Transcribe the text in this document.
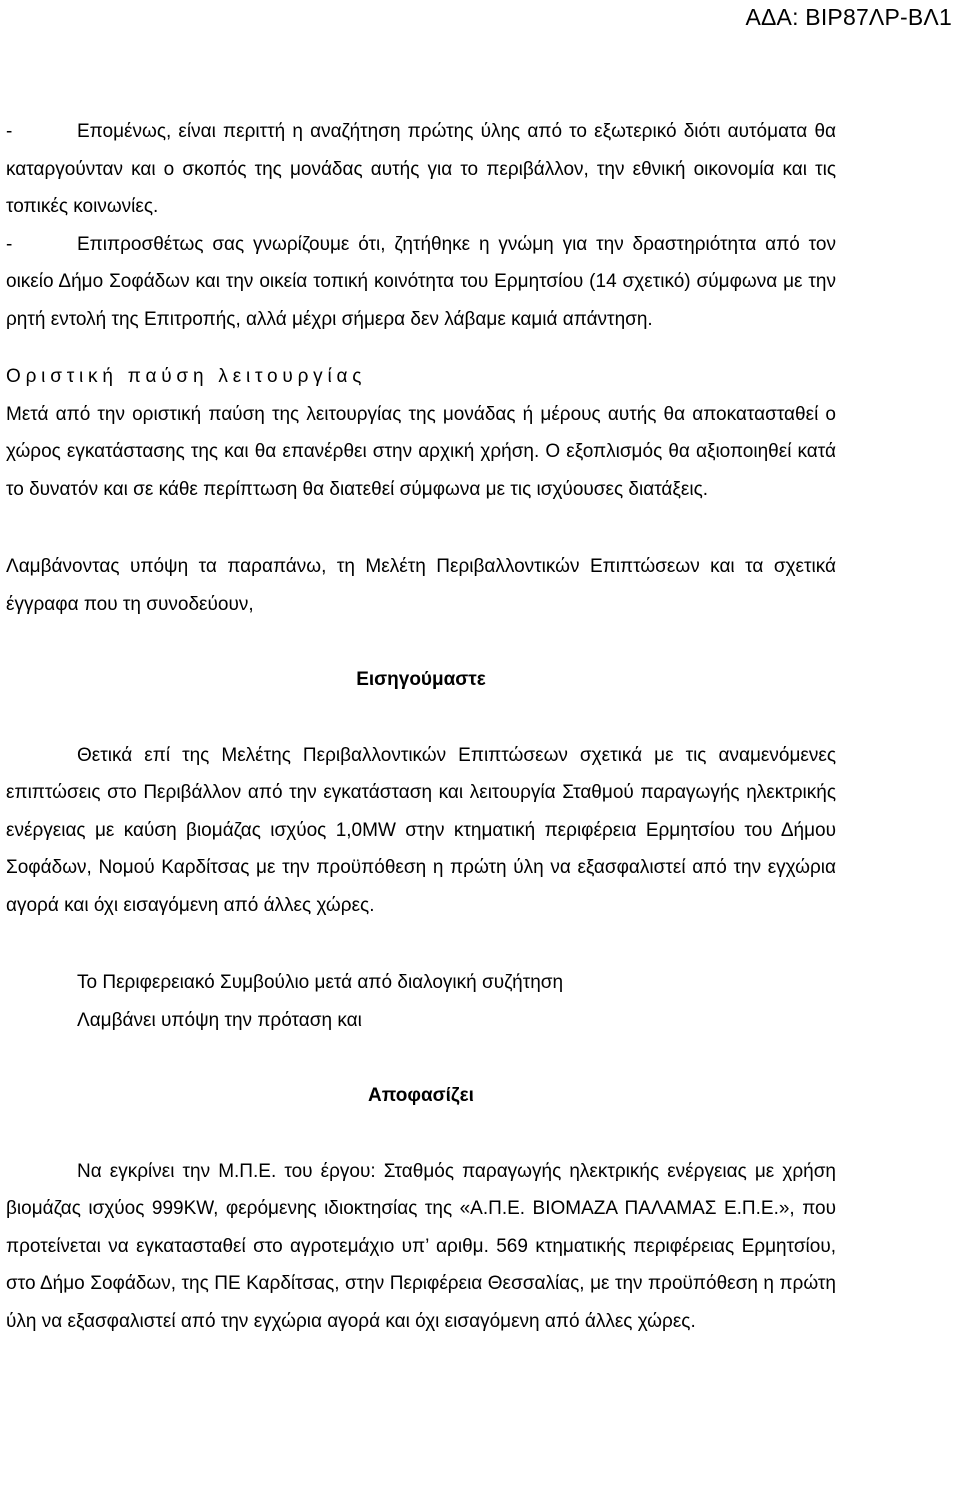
ΑΔΑ: ΒΙΡ87ΛΡ-ΒΛ1

-	Επομένως, είναι περιττή η αναζήτηση πρώτης ύλης από το εξωτερικό διότι αυτόματα θα καταργούνταν και ο σκοπός της μονάδας αυτής για το περιβάλλον, την εθνική οικονομία και τις τοπικές κοινωνίες.

-	Επιπροσθέτως σας γνωρίζουμε ότι, ζητήθηκε η γνώμη για την δραστηριότητα από τον οικείο Δήμο Σοφάδων και την οικεία τοπική κοινότητα του Ερμητσίου (14 σχετικό) σύμφωνα με την ρητή εντολή της Επιτροπής, αλλά μέχρι σήμερα δεν λάβαμε καμιά απάντηση.

Οριστική παύση λειτουργίας

Μετά από την οριστική παύση της λειτουργίας της μονάδας ή μέρους αυτής θα αποκατασταθεί ο χώρος εγκατάστασης της και θα επανέρθει στην αρχική χρήση. Ο εξοπλισμός θα αξιοποιηθεί κατά το δυνατόν και σε κάθε περίπτωση θα διατεθεί σύμφωνα με τις ισχύουσες διατάξεις.

Λαμβάνοντας υπόψη τα παραπάνω, τη Μελέτη Περιβαλλοντικών Επιπτώσεων και τα σχετικά έγγραφα που τη συνοδεύουν,

Εισηγούμαστε

Θετικά επί της Μελέτης Περιβαλλοντικών Επιπτώσεων σχετικά με τις αναμενόμενες επιπτώσεις στο Περιβάλλον από την εγκατάσταση και λειτουργία Σταθμού παραγωγής ηλεκτρικής ενέργειας με καύση βιομάζας ισχύος 1,0MW στην κτηματική περιφέρεια Ερμητσίου του Δήμου Σοφάδων, Νομού Καρδίτσας με την προϋπόθεση η πρώτη ύλη να εξασφαλιστεί από την εγχώρια αγορά και όχι εισαγόμενη από άλλες χώρες.

Το Περιφερειακό Συμβούλιο μετά από διαλογική συζήτηση

Λαμβάνει υπόψη την πρόταση και

Αποφασίζει

Να εγκρίνει την Μ.Π.Ε. του έργου: Σταθμός παραγωγής ηλεκτρικής ενέργειας με χρήση βιομάζας ισχύος 999KW, φερόμενης ιδιοκτησίας της «Α.Π.Ε. ΒΙΟΜΑΖΑ ΠΑΛΑΜΑΣ Ε.Π.Ε.», που προτείνεται να εγκατασταθεί στο αγροτεμάχιο υπ’ αριθμ. 569 κτηματικής περιφέρειας Ερμητσίου, στο Δήμο Σοφάδων, της ΠΕ Καρδίτσας, στην Περιφέρεια Θεσσαλίας, με την προϋπόθεση η πρώτη ύλη να εξασφαλιστεί από την εγχώρια αγορά και όχι εισαγόμενη από άλλες χώρες.
